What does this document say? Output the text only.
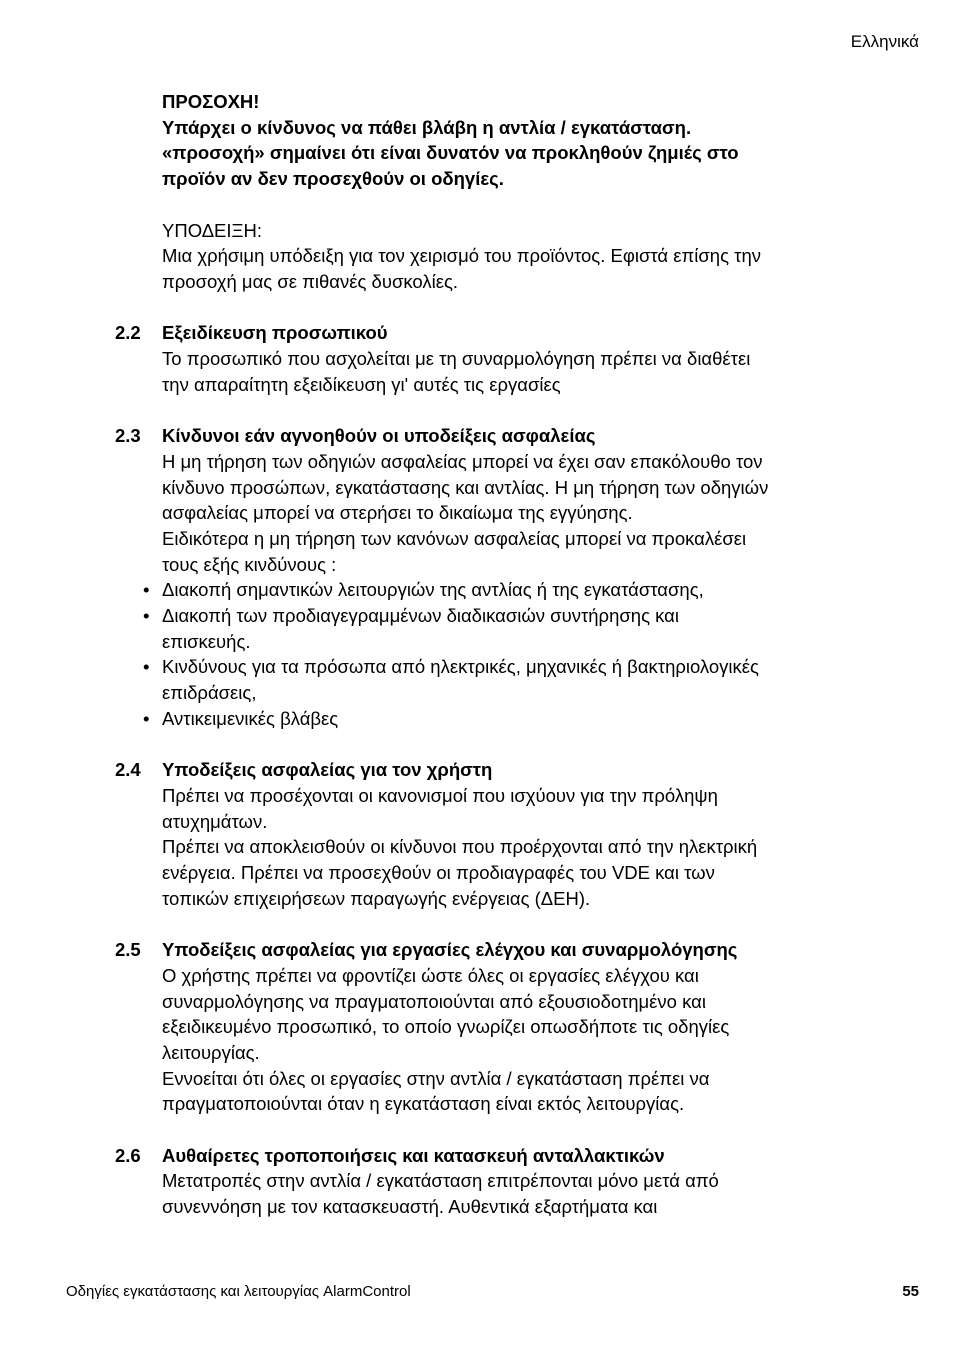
Ελληνικά
ΠΡΟΣΟΧΗ!
Υπάρχει ο κίνδυνος να πάθει βλάβη η αντλία / εγκατάσταση.
«προσοχή» σημαίνει ότι είναι δυνατόν να προκληθούν ζημιές στο
προϊόν αν δεν προσεχθούν οι οδηγίες.
ΥΠΟΔΕΙΞΗ:
Μια χρήσιμη υπόδειξη για τον χειρισμό του προϊόντος. Εφιστά επίσης την
προσοχή μας σε πιθανές δυσκολίες.
2.2 Εξειδίκευση προσωπικού
Το προσωπικό που ασχολείται με τη συναρμολόγηση πρέπει να διαθέτει
την απαραίτητη εξειδίκευση γι' αυτές τις εργασίες
2.3 Κίνδυνοι εάν αγνοηθούν οι υποδείξεις ασφαλείας
Η μη τήρηση των οδηγιών ασφαλείας μπορεί να έχει σαν επακόλουθο τον
κίνδυνο προσώπων, εγκατάστασης και αντλίας. Η μη τήρηση των οδηγιών
ασφαλείας μπορεί να στερήσει το δικαίωμα της εγγύησης.
Ειδικότερα η μη τήρηση των κανόνων ασφαλείας μπορεί να προκαλέσει
τους εξής κινδύνους :
• Διακοπή σημαντικών λειτουργιών της αντλίας ή της εγκατάστασης,
• Διακοπή των προδιαγεγραμμένων διαδικασιών συντήρησης και
επισκευής.
• Κινδύνους για τα πρόσωπα από ηλεκτρικές, μηχανικές ή βακτηριολογικές
επιδράσεις,
• Αντικειμενικές βλάβες
2.4 Υποδείξεις ασφαλείας για τον χρήστη
Πρέπει να προσέχονται οι κανονισμοί που ισχύουν για την πρόληψη
ατυχημάτων.
Πρέπει να αποκλεισθούν οι κίνδυνοι που προέρχονται από την ηλεκτρική
ενέργεια. Πρέπει να προσεχθούν οι προδιαγραφές του VDE και των
τοπικών επιχειρήσεων παραγωγής ενέργειας (ΔΕΗ).
2.5 Υποδείξεις ασφαλείας για εργασίες ελέγχου και συναρμολόγησης
Ο χρήστης πρέπει να φροντίζει ώστε όλες οι εργασίες ελέγχου και
συναρμολόγησης να πραγματοποιούνται από εξουσιοδοτημένο και
εξειδικευμένο προσωπικό, το οποίο γνωρίζει οπωσδήποτε τις οδηγίες
λειτουργίας.
Εννοείται ότι όλες οι εργασίες στην αντλία / εγκατάσταση πρέπει να
πραγματοποιούνται όταν η εγκατάσταση είναι εκτός λειτουργίας.
2.6 Αυθαίρετες τροποποιήσεις και κατασκευή ανταλλακτικών
Μετατροπές στην αντλία / εγκατάσταση επιτρέπονται μόνο μετά από
συνεννόηση με τον κατασκευαστή. Αυθεντικά εξαρτήματα και
Οδηγίες εγκατάστασης και λειτουργίας AlarmControl	55
